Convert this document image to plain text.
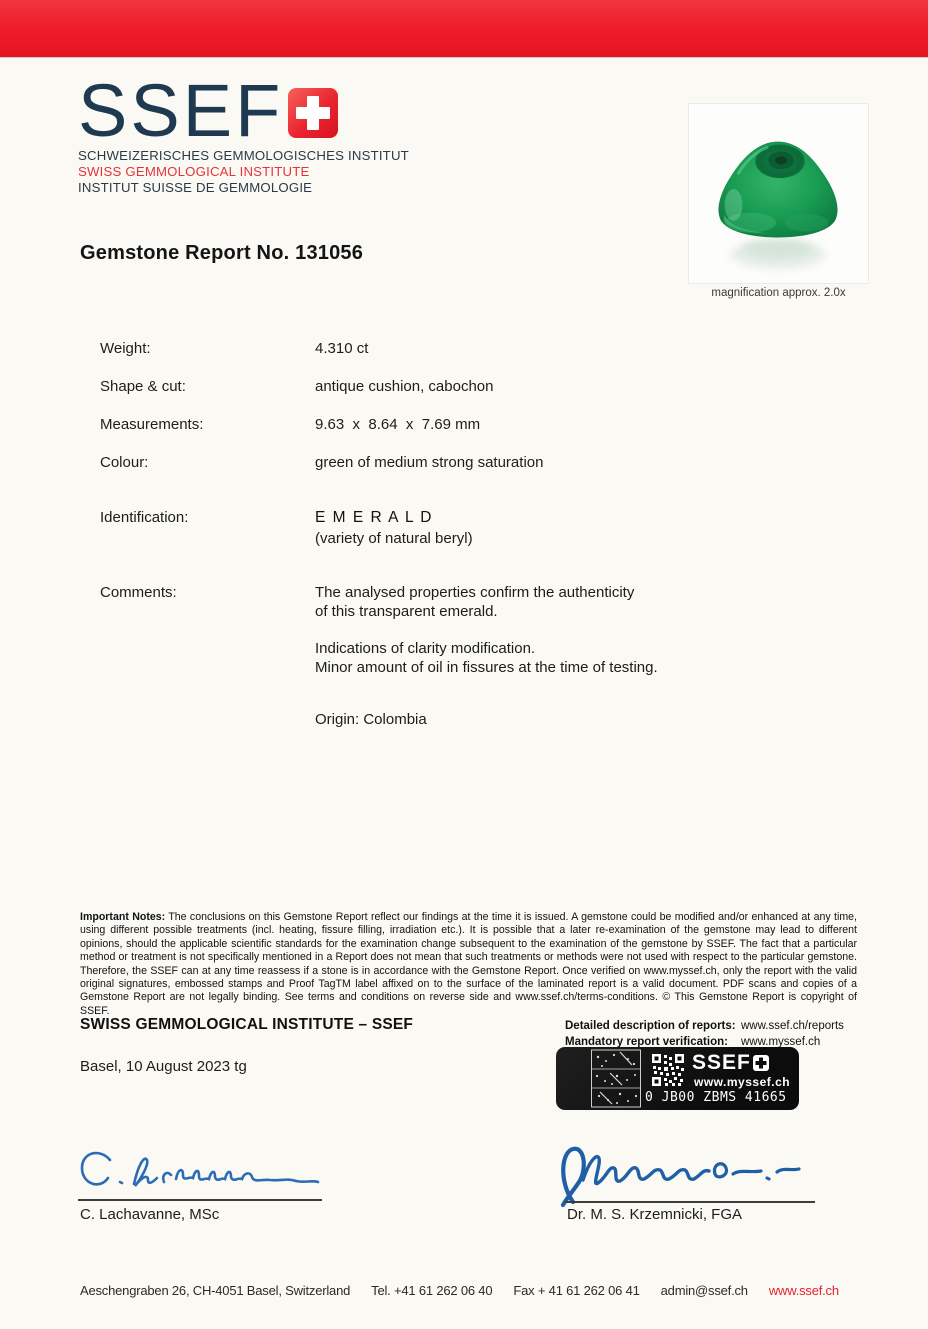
SSEF
SCHWEIZERISCHES GEMMOLOGISCHES INSTITUT
SWISS GEMMOLOGICAL INSTITUTE
INSTITUT SUISSE DE GEMMOLOGIE
magnification approx. 2.0x
Gemstone Report No. 131056
Weight:	4.310 ct
Shape & cut:	antique cushion, cabochon
Measurements:	9.63  x  8.64  x  7.69 mm
Colour:	green of medium strong saturation
Identification:	E M E R A L D
(variety of natural beryl)
Comments:	The analysed properties confirm the authenticity
of this transparent emerald.
Indications of clarity modification.
Minor amount of oil in fissures at the time of testing.
Origin: Colombia
Important Notes: The conclusions on this Gemstone Report reflect our findings at the time it is issued. A gemstone could be modified and/or enhanced at any time, using different possible treatments (incl. heating, fissure filling, irradiation etc.). It is possible that a later re-examination of the gemstone may lead to different opinions, should the applicable scientific standards for the examination change subsequent to the examination of the gemstone by SSEF. The fact that a particular method or treatment is not specifically mentioned in a Report does not mean that such treatments or methods were not used with respect to the particular gemstone. Therefore, the SSEF can at any time reassess if a stone is in accordance with the Gemstone Report. Once verified on www.myssef.ch, only the report with the valid original signatures, embossed stamps and Proof TagTM label affixed on to the surface of the laminated report is a valid document. PDF scans and copies of a Gemstone Report are not legally binding. See terms and conditions on reverse side and www.ssef.ch/terms-conditions. © This Gemstone Report is copyright of SSEF.
SWISS GEMMOLOGICAL INSTITUTE – SSEF	Detailed description of reports: www.ssef.ch/reports
Mandatory report verification:	www.myssef.ch
Basel, 10 August 2023 tg	SSEF
www.myssef.ch
0 JB00 ZBMS 41665
C. Lachavanne, MSc	Dr. M. S. Krzemnicki, FGA
Aeschengraben 26, CH-4051 Basel, Switzerland Tel. +41 61 262 06 40 Fax + 41 61 262 06 41 admin@ssef.ch www.ssef.ch
